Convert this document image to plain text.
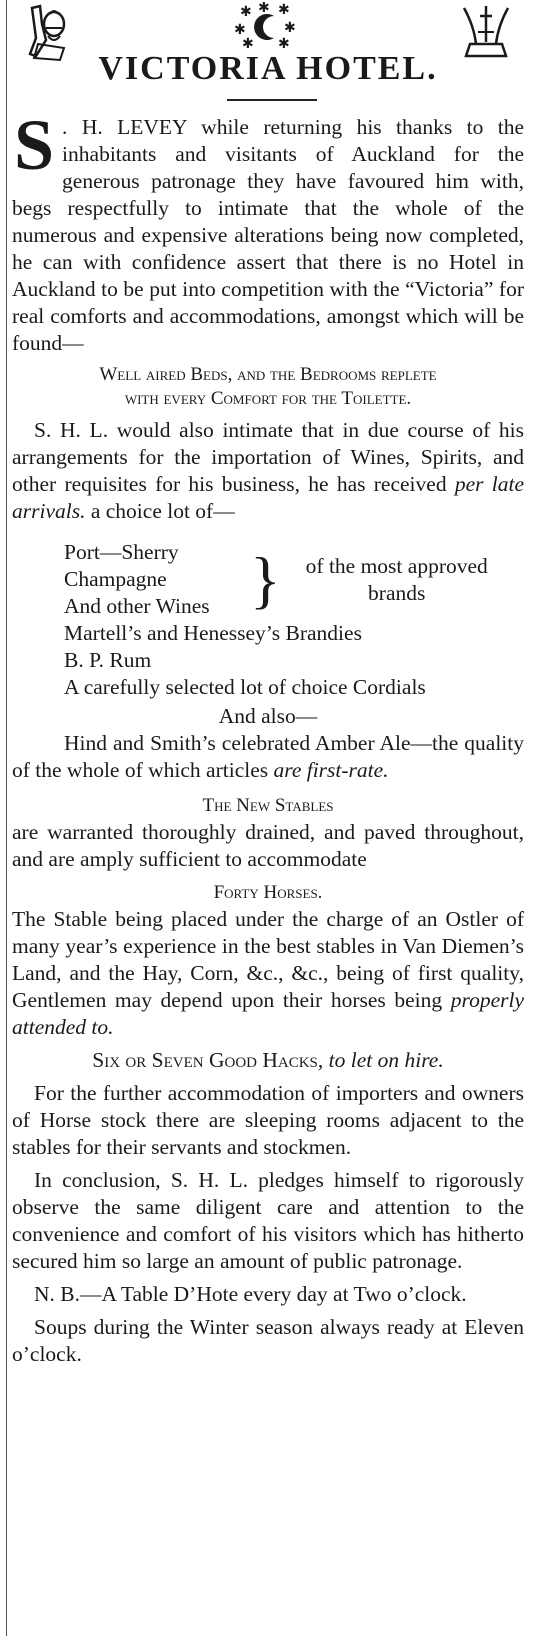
✱ ✱ ✱
✱	✱
✱ ✱
VICTORIA HOTEL.
S . H. LEVEY while returning his thanks to the inhabitants and visitants of Auckland for the generous patronage they have favoured him with, begs respectfully to intimate that the whole of the numerous and expensive alterations being now completed, he can with confidence assert that there is no Hotel in Auckland to be put into competition with the “Victoria” for real comforts and accommodations, amongst which will be found—
Well aired Beds, and the Bedrooms replete
with every Comfort for the Toilette.

S. H. L. would also intimate that in due course of his arrangements for the importation of Wines, Spirits, and other requisites for his business, he has received per late arrivals. a choice lot of—

Port—Sherry
Champagne
And other Wines }	of the most approved
brands
Martell’s and Henessey’s Brandies
B. P. Rum
A carefully selected lot of choice Cordials
And also—

Hind and Smith’s celebrated Amber Ale—the quality of the whole of which articles are first-rate.

The New Stables

are warranted thoroughly drained, and paved throughout, and are amply sufficient to accommodate

Forty Horses.

The Stable being placed under the charge of an Ostler of many year’s experience in the best stables in Van Diemen’s Land, and the Hay, Corn, &c., &c., being of first quality, Gentlemen may depend upon their horses being properly attended to.

Six or Seven Good Hacks, to let on hire.

For the further accommodation of importers and owners of Horse stock there are sleeping rooms adjacent to the stables for their servants and stockmen.

In conclusion, S. H. L. pledges himself to rigorously observe the same diligent care and attention to the convenience and comfort of his visitors which has hitherto secured him so large an amount of public patronage.

N. B.—A Table D’Hote every day at Two o’clock.

Soups during the Winter season always ready at Eleven o’clock.
